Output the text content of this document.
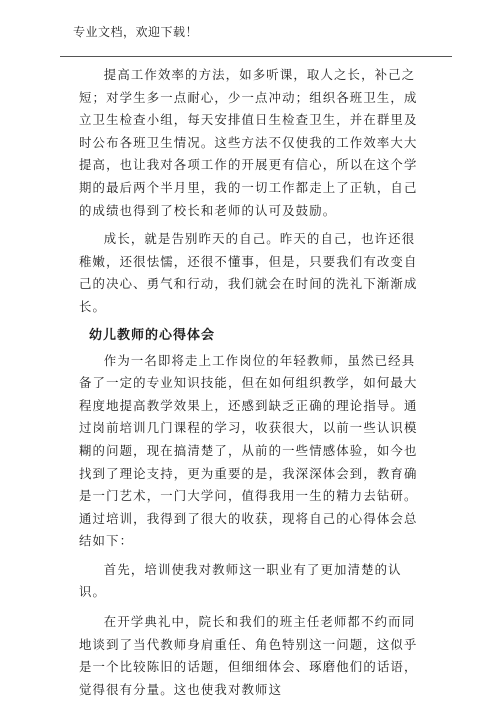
专业文档，欢迎下载！

提高工作效率的方法，如多听课，取人之长，补己之短；对学生多一点耐心，少一点冲动；组织各班卫生，成立卫生检查小组，每天安排值日生检查卫生，并在群里及时公布各班卫生情况。这些方法不仅使我的工作效率大大提高，也让我对各项工作的开展更有信心，所以在这个学期的最后两个半月里，我的一切工作都走上了正轨，自己的成绩也得到了校长和老师的认可及鼓励。

成长，就是告别昨天的自己。昨天的自己，也许还很稚嫩，还很怯懦，还很不懂事，但是，只要我们有改变自己的决心、勇气和行动，我们就会在时间的洗礼下渐渐成长。

幼儿教师的心得体会

作为一名即将走上工作岗位的年轻教师，虽然已经具备了一定的专业知识技能，但在如何组织教学，如何最大程度地提高教学效果上，还感到缺乏正确的理论指导。通过岗前培训几门课程的学习，收获很大，以前一些认识模糊的问题，现在搞清楚了，从前的一些情感体验，如今也找到了理论支持，更为重要的是，我深深体会到，教育确是一门艺术，一门大学问，值得我用一生的精力去钻研。通过培训，我得到了很大的收获，现将自己的心得体会总结如下：

首先，培训使我对教师这一职业有了更加清楚的认识。

在开学典礼中，院长和我们的班主任老师都不约而同地谈到了当代教师身肩重任、角色特别这一问题，这似乎是一个比较陈旧的话题，但细细体会、琢磨他们的话语，觉得很有分量。这也使我对教师这
